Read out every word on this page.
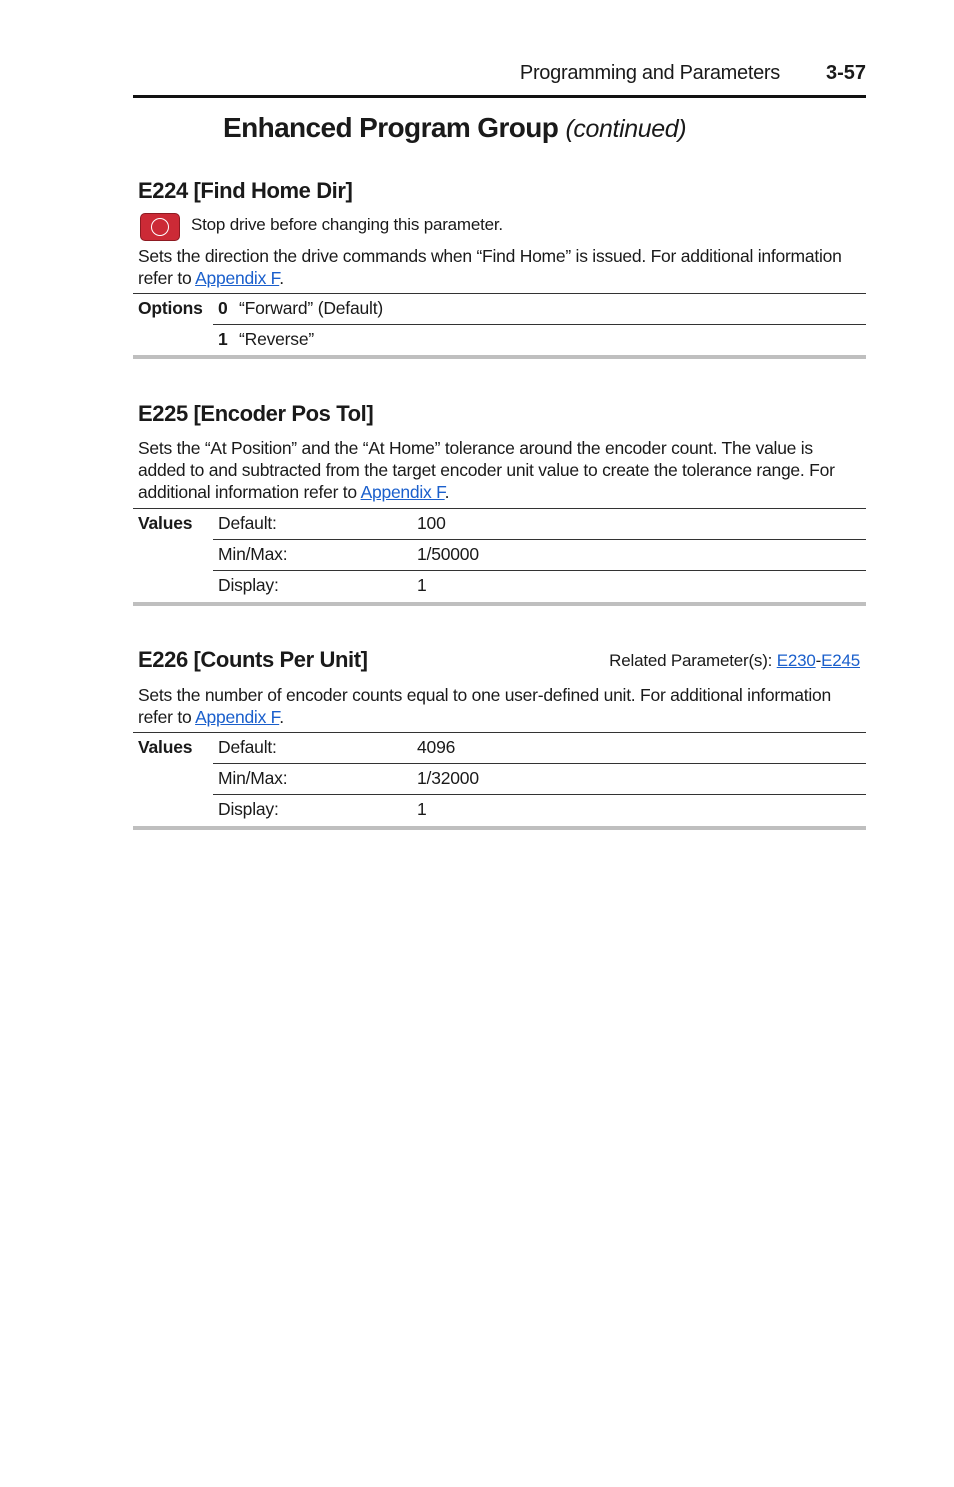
Programming and Parameters 3-57
Enhanced Program Group (continued)
E224 [Find Home Dir]
Stop drive before changing this parameter.
Sets the direction the drive commands when “Find Home” is issued. For additional information refer to Appendix F.
Options	0	“Forward” (Default)
	1	“Reverse”
E225 [Encoder Pos Tol]
Sets the “At Position” and the “At Home” tolerance around the encoder count. The value is added to and subtracted from the target encoder unit value to create the tolerance range. For additional information refer to Appendix F.
Values	Default:	100
	Min/Max:	1/50000
	Display:	1
E226 [Counts Per Unit]	Related Parameter(s): E230-E245
Sets the number of encoder counts equal to one user-defined unit. For additional information refer to Appendix F.
Values	Default:	4096
	Min/Max:	1/32000
	Display:	1
